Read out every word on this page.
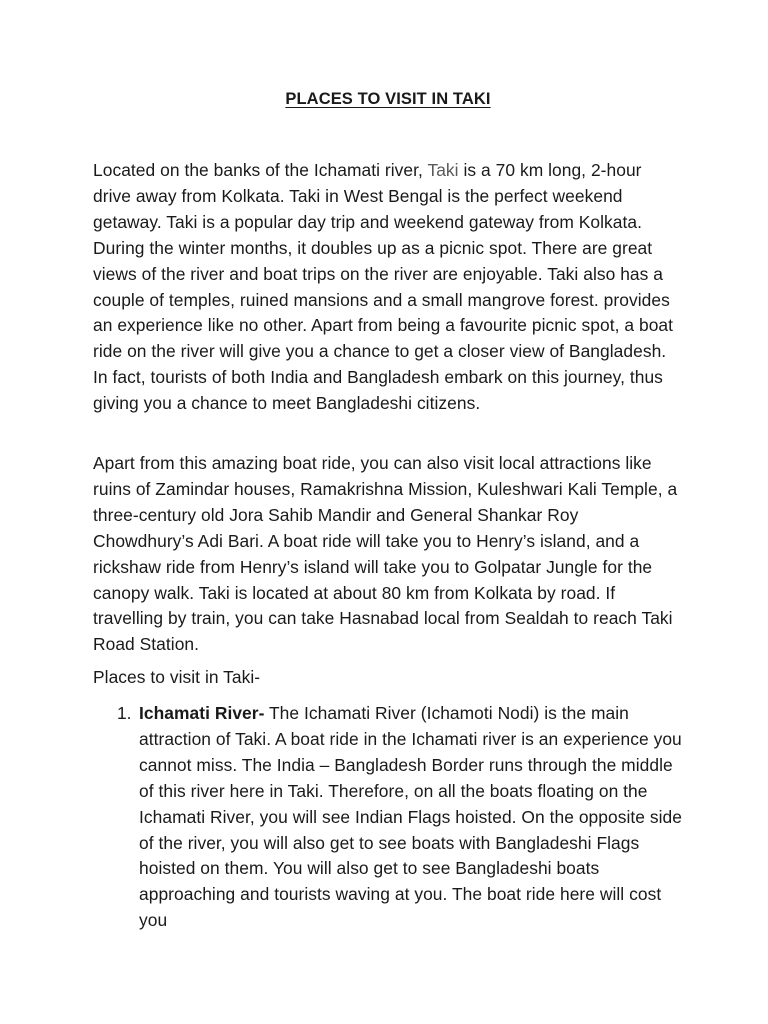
PLACES TO VISIT IN TAKI

Located on the banks of the Ichamati river, Taki is a 70 km long, 2-hour drive away from Kolkata. Taki in West Bengal is the perfect weekend getaway. Taki is a popular day trip and weekend gateway from Kolkata. During the winter months, it doubles up as a picnic spot. There are great views of the river and boat trips on the river are enjoyable. Taki also has a couple of temples, ruined mansions and a small mangrove forest. provides an experience like no other. Apart from being a favourite picnic spot, a boat ride on the river will give you a chance to get a closer view of Bangladesh. In fact, tourists of both India and Bangladesh embark on this journey, thus giving you a chance to meet Bangladeshi citizens.

Apart from this amazing boat ride, you can also visit local attractions like ruins of Zamindar houses, Ramakrishna Mission, Kuleshwari Kali Temple, a three-century old Jora Sahib Mandir and General Shankar Roy Chowdhury’s Adi Bari. A boat ride will take you to Henry’s island, and a rickshaw ride from Henry’s island will take you to Golpatar Jungle for the canopy walk. Taki is located at about 80 km from Kolkata by road. If travelling by train, you can take Hasnabad local from Sealdah to reach Taki Road Station.

Places to visit in Taki-

1. Ichamati River- The Ichamati River (Ichamoti Nodi) is the main attraction of Taki. A boat ride in the Ichamati river is an experience you cannot miss. The India – Bangladesh Border runs through the middle of this river here in Taki. Therefore, on all the boats floating on the Ichamati River, you will see Indian Flags hoisted. On the opposite side of the river, you will also get to see boats with Bangladeshi Flags hoisted on them. You will also get to see Bangladeshi boats approaching and tourists waving at you. The boat ride here will cost you
